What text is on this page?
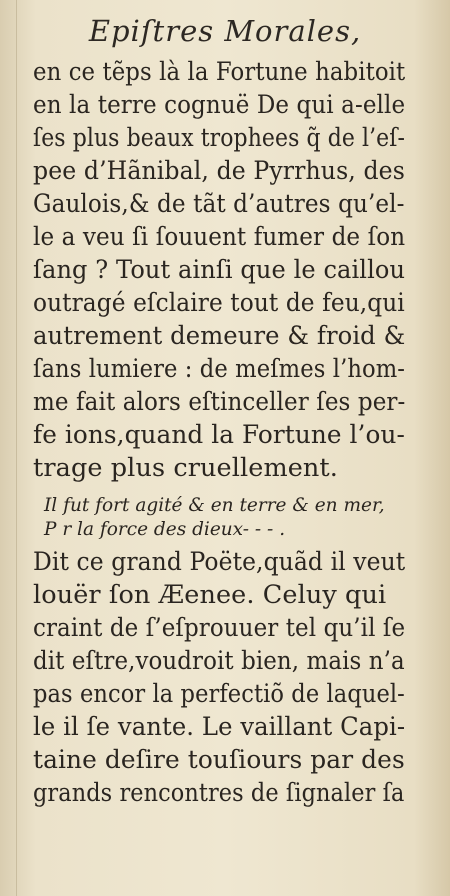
Epiſtres Morales,
en ce tẽps là la Fortune habitoit
en la terre cognuë De qui a-elle
ſes plus beaux trophees q̃ de l’eſ-
pee d’Hãnibal, de Pyrrhus, des
Gaulois,& de tãt d’autres qu’el-
le a veu ſi ſouuent fumer de ſon
ſang ? Tout ainſi que le caillou
outragé eſclaire tout de feu,qui
autrement demeure & froid &
ſans lumiere : de meſmes l’hom-
me fait alors eſtinceller ſes per-
fe ions,quand la Fortune l’ou-
trage plus cruellement.
Il fut fort agité & en terre & en mer,
P r la force des dieux- - - .
Dit ce grand Poëte,quãd il veut
louër ſon Æenee. Celuy qui
craint de ſ’eſprouuer tel qu’il ſe
dit eſtre,voudroit bien, mais n’a
pas encor la perfectiõ de laquel-
le il ſe vante. Le vaillant Capi-
taine deſire touſiours par des
grands rencontres de ſignaler ſa
